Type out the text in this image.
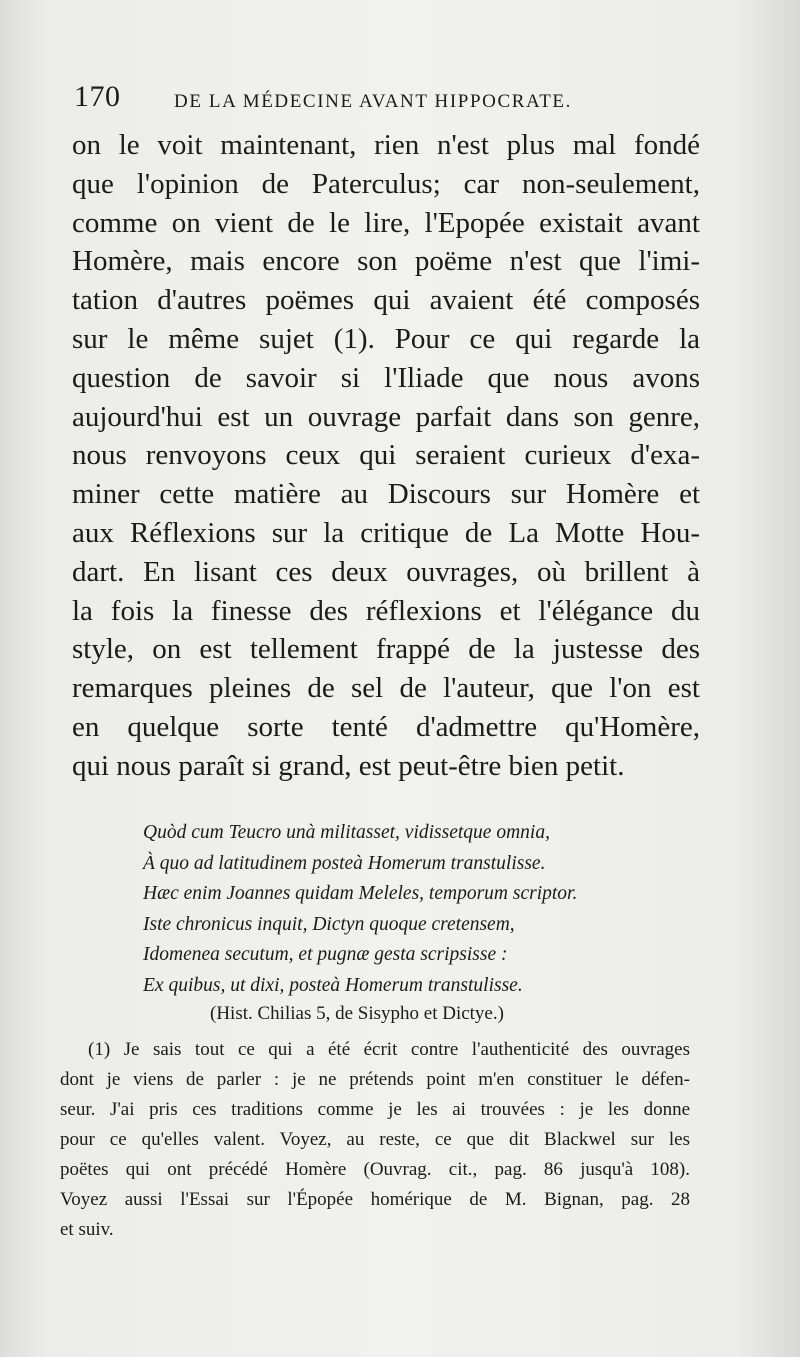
170	DE LA MÉDECINE AVANT HIPPOCRATE.
on le voit maintenant, rien n'est plus mal fondé
que l'opinion de Paterculus; car non-seulement,
comme on vient de le lire, l'Epopée existait avant
Homère, mais encore son poëme n'est que l'imi-
tation d'autres poëmes qui avaient été composés
sur le même sujet (1). Pour ce qui regarde la
question de savoir si l'Iliade que nous avons
aujourd'hui est un ouvrage parfait dans son genre,
nous renvoyons ceux qui seraient curieux d'exa-
miner cette matière au Discours sur Homère et
aux Réflexions sur la critique de La Motte Hou-
dart. En lisant ces deux ouvrages, où brillent à
la fois la finesse des réflexions et l'élégance du
style, on est tellement frappé de la justesse des
remarques pleines de sel de l'auteur, que l'on est
en quelque sorte tenté d'admettre qu'Homère,
qui nous paraît si grand, est peut-être bien petit.
Quòd cum Teucro unà militasset, vidissetque omnia,
À quo ad latitudinem posteà Homerum transtulisse.
Hæc enim Joannes quidam Meleles, temporum scriptor.
Iste chronicus inquit, Dictyn quoque cretensem,
Idomenea secutum, et pugnæ gesta scripsisse :
Ex quibus, ut dixi, posteà Homerum transtulisse.
(Hist. Chilias 5, de Sisypho et Dictye.)
(1) Je sais tout ce qui a été écrit contre l'authenticité des ouvrages
dont je viens de parler : je ne prétends point m'en constituer le défen-
seur. J'ai pris ces traditions comme je les ai trouvées : je les donne
pour ce qu'elles valent. Voyez, au reste, ce que dit Blackwel sur les
poëtes qui ont précédé Homère (Ouvrag. cit., pag. 86 jusqu'à 108).
Voyez aussi l'Essai sur l'Épopée homérique de M. Bignan, pag. 28
et suiv.
